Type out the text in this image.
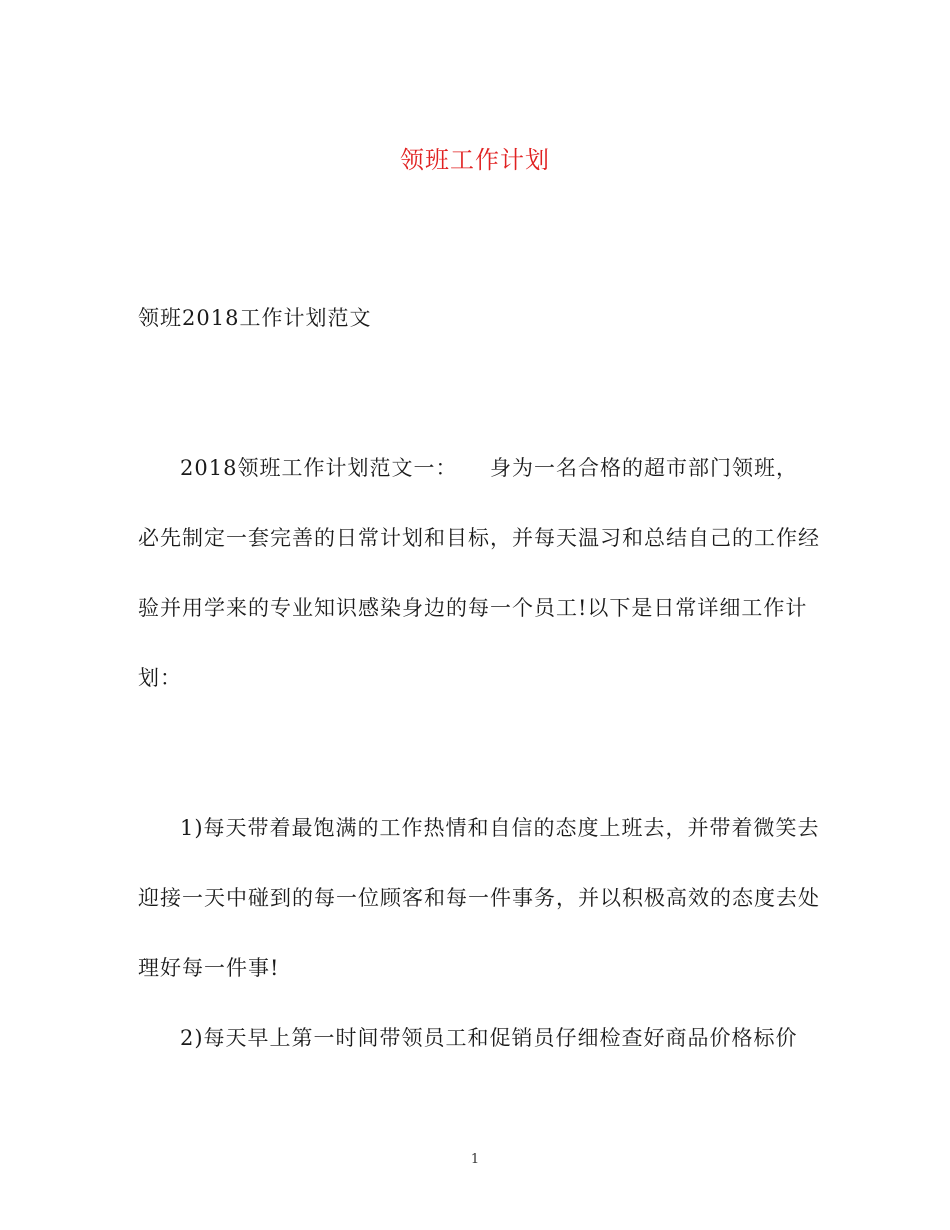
领班工作计划
领班2018工作计划范文
2018领班工作计划范文一： 身为一名合格的超市部门领班，
必先制定一套完善的日常计划和目标，并每天温习和总结自己的工作经
验并用学来的专业知识感染身边的每一个员工!以下是日常详细工作计
划：
1)每天带着最饱满的工作热情和自信的态度上班去，并带着微笑去
迎接一天中碰到的每一位顾客和每一件事务，并以积极高效的态度去处
理好每一件事!
2)每天早上第一时间带领员工和促销员仔细检查好商品价格标价
1
